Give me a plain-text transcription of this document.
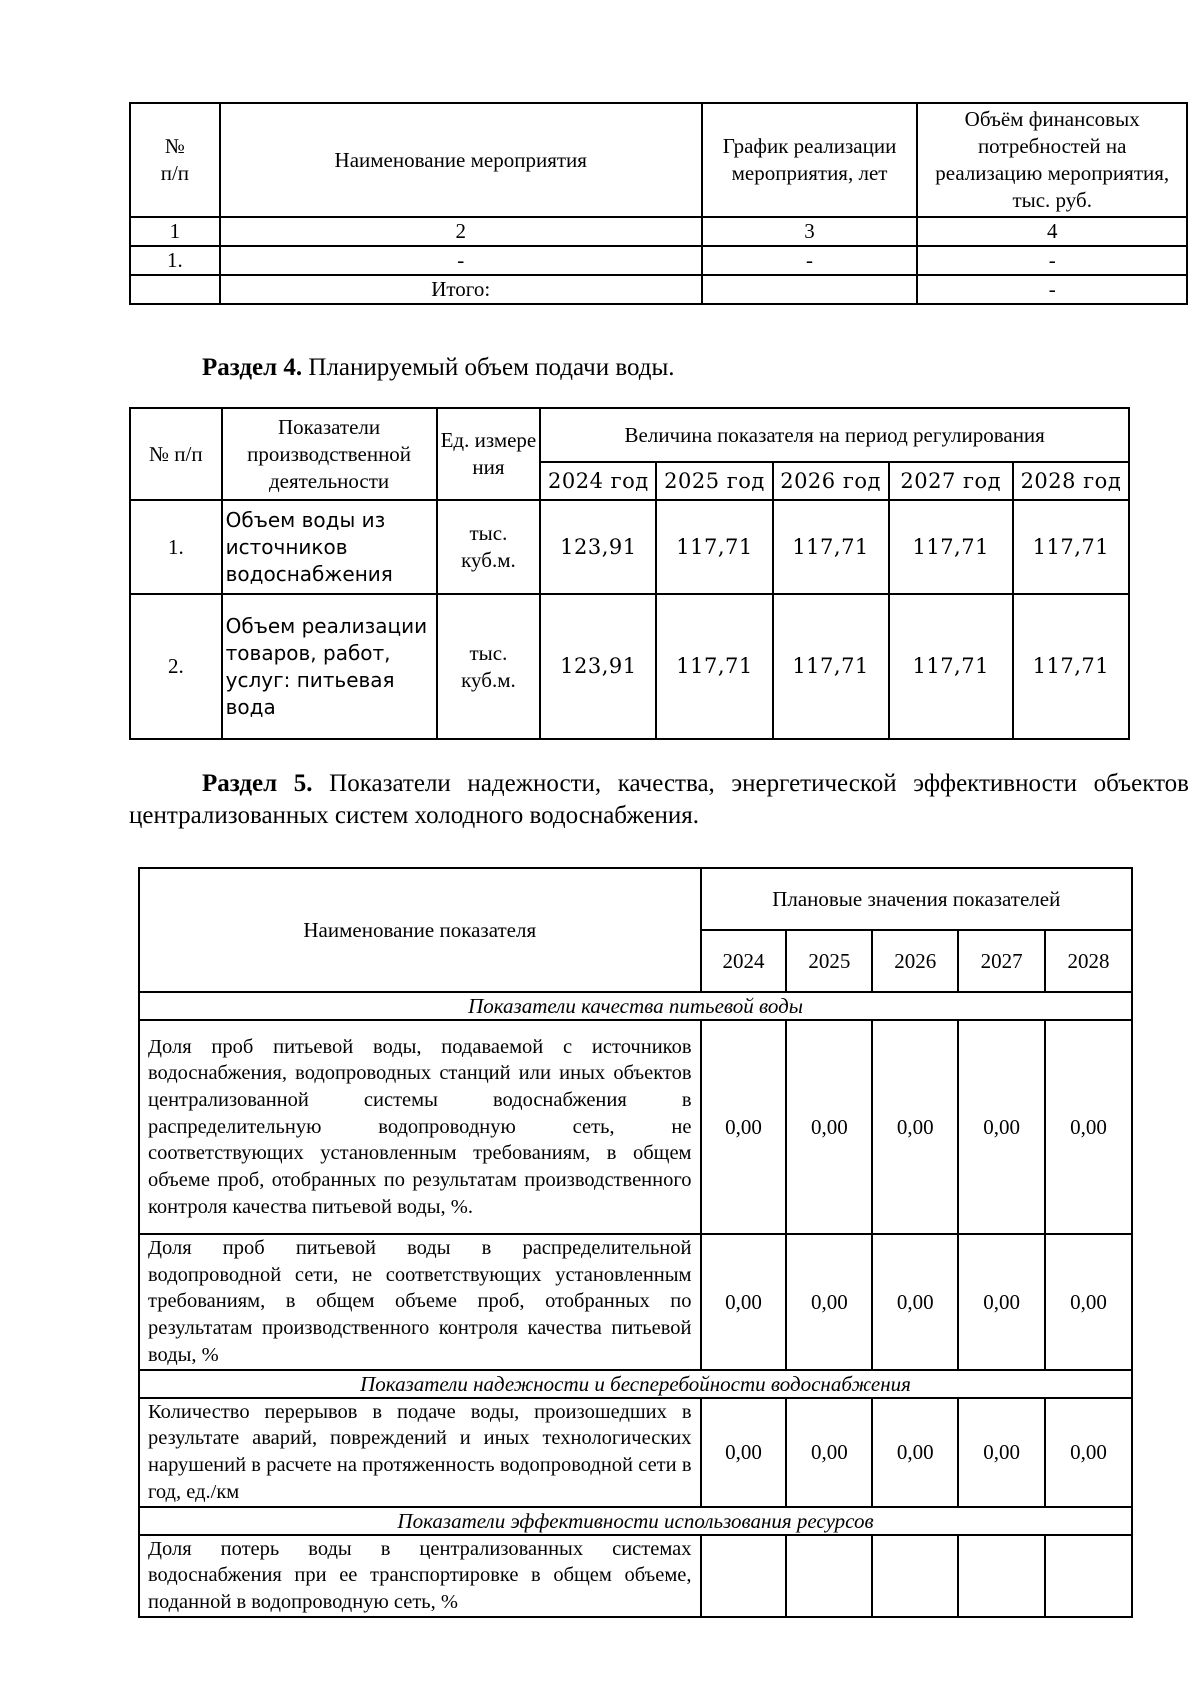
№
п/п	Наименование мероприятия	График реализации мероприятия, лет	Объём финансовых потребностей на реализацию мероприятия, тыс. руб.
1	2	3	4
1.	-	-	-
	Итого:		-
Раздел 4. Планируемый объем подачи воды.
№ п/п	Показатели производственной деятельности	Ед. измере ния	Величина показателя на период регулирования				
			2024 год	2025 год	2026 год	2027 год	2028 год
1.	Объем воды из источников водоснабжения	тыс. куб.м.	123,91	117,71	117,71	117,71	117,71
2.	Объем реализации товаров, работ, услуг: питьевая вода	тыс. куб.м.	123,91	117,71	117,71	117,71	117,71
Раздел 5. Показатели надежности, качества, энергетической эффективности объектов централизованных систем холодного водоснабжения.
Наименование показателя	Плановые значения показателей				
	2024	2025	2026	2027	2028
Показатели качества питьевой воды					
Доля проб питьевой воды, подаваемой с источников водоснабжения, водопроводных станций или иных объектов централизованной системы водоснабжения в распределительную водопроводную сеть, не соответствующих установленным требованиям, в общем объеме проб, отобранных по результатам производственного контроля качества питьевой воды, %.	0,00	0,00	0,00	0,00	0,00
Доля проб питьевой воды в распределительной водопроводной сети, не соответствующих установленным требованиям, в общем объеме проб, отобранных по результатам производственного контроля качества питьевой воды, %	0,00	0,00	0,00	0,00	0,00
Показатели надежности и бесперебойности водоснабжения					
Количество перерывов в подаче воды, произошедших в результате аварий, повреждений и иных технологических нарушений в расчете на протяженность водопроводной сети в год, ед./км	0,00	0,00	0,00	0,00	0,00
Показатели эффективности использования ресурсов					
Доля потерь воды в централизованных системах водоснабжения при ее транспортировке в общем объеме, поданной в водопроводную сеть, %					
